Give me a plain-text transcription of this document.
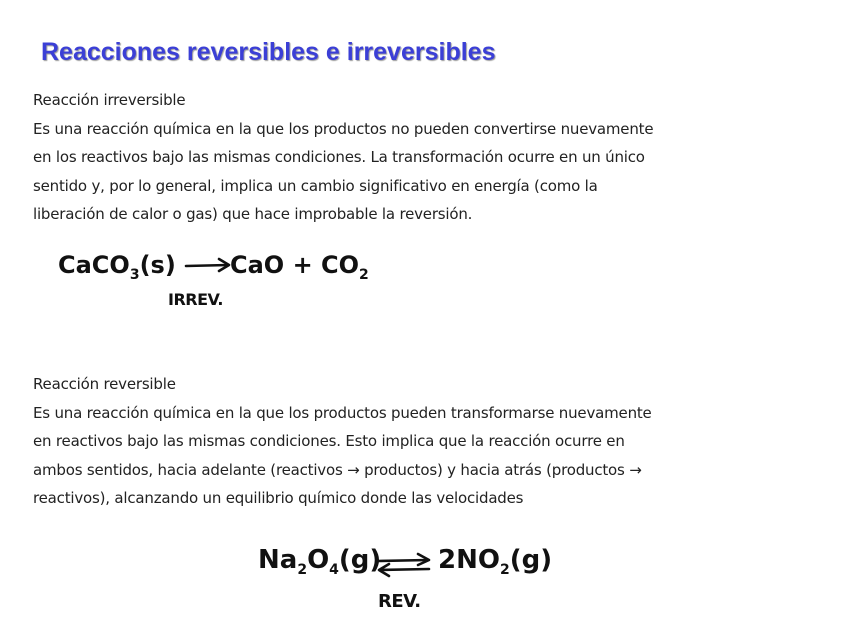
Reacciones reversibles e irreversibles
Reacción irreversible
Es una reacción química en la que los productos no pueden convertirse nuevamente
en los reactivos bajo las mismas condiciones. La transformación ocurre en un único
sentido y, por lo general, implica un cambio significativo en energía (como la
liberación de calor o gas) que hace improbable la reversión.
CaCO$_3$(s) CaO + $CO_2$
IRREV.
Reacción reversible
Es una reacción química en la que los productos pueden transformarse nuevamente
en reactivos bajo las mismas condiciones. Esto implica que la reacción ocurre en
ambos sentidos, hacia adelante (reactivos → productos) y hacia atrás (productos →
reactivos), alcanzando un equilibrio químico donde las velocidades
$Na_2O_4(g)$ ⇌ $2NO_2(g)$
REV.
